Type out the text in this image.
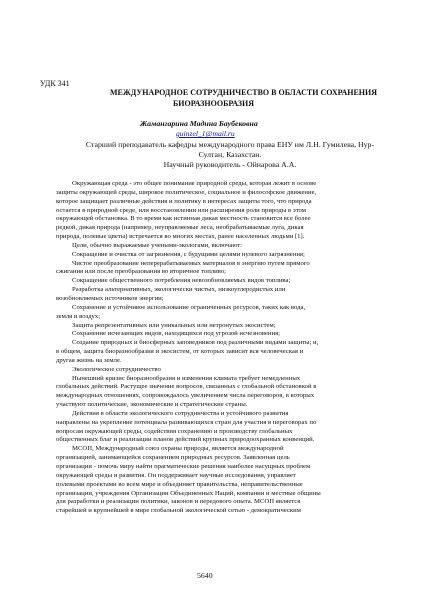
УДК 341
МЕЖДУНАРОДНОЕ СОТРУДНИЧЕСТВО В ОБЛАСТИ СОХРАНЕНИЯ
БИОРАЗНООБРАЗИЯ
Жамангарина Мадина Баубековна
guinzel_1@mail.ru
Старший преподаватель кафедры международного права ЕНУ им Л.Н. Гумилева, Нур-
Султан, Казахстан.
Научный руководитель - Ойнарова А.А.
Окружающая среда - это общее понимание природной среды, которая лежит в основе
защиты окружающей среды, широкое политическое, социальное и философское движение,
которое защищает различные действия и политику в интересах защиты того, что природа
остается в природной среде, или восстановлении или расширения роли природы в этом
окружающей обстановка. В то время как истинная дикая местность становится все более
редкой, дикая природа (например, неуправляемые леса, необрабатываемые луга, дикая
природа, полевые цветы) встречается во многих местах, ранее населенных людьми [1].
Цели, обычно выражаемые учеными-экологами, включают:
Сокращение и очистка от загрязнения, с будущими целями нулевого загрязнения;
Чистое преобразование неперерабатываемых материалов в энергию путем прямого
сжигания или после преобразования во вторичное топливо;
Сокращение общественного потребления невозобновляемых видов топлива;
Разработка альтернативных, экологически чистых, низкоуглеродистых или
возобновляемых источников энергии;
Сохранение и устойчивое использование ограниченных ресурсов, таких как вода,
земля и воздух;
Защита репрезентативных или уникальных или нетронутых экосистем;
Сохранение исчезающих видов, находящихся под угрозой исчезновения;
Создание природных и биосферных заповедников под различными видами защиты; и,
в общем, защита биоразнообразия и экосистем, от которых зависит вся человеческая и
другая жизнь на земле.
Экологическое сотрудничество
Нынешний кризис биоразнообразия и изменения климата требует немедленных
глобальных действий. Растущее значение вопросов, связанных с глобальной обстановкой в
международных отношениях, сопровождалось увеличением числа переговоров, в которых
участвуют политические, экономические и стратегические страны.
Действия в области экологического сотрудничества и устойчивого развития
направлены на укрепление потенциала развивающихся стран для участия в переговорах по
вопросам окружающей среды, содействия сохранению и производству глобальных
общественных благ и реализации планов действий крупных природоохранных конвенций.
МСОП, Международный союз охраны природы, является международной
организацией, занимающейся сохранением природных ресурсов. Заявленная цель
организации - помочь миру найти прагматические решения наиболее насущных проблем
окружающей среды и развития. Он поддерживает научные исследования, управляет
полевыми проектами во всем мире и объединяет правительства, неправительственные
организации, учреждения Организации Объединенных Наций, компании и местные общины
для разработки и реализации политики, законов и передового опыта. МСОП является
старейшей и крупнейшей в мире глобальной экологической сетью - демократическим
5640
